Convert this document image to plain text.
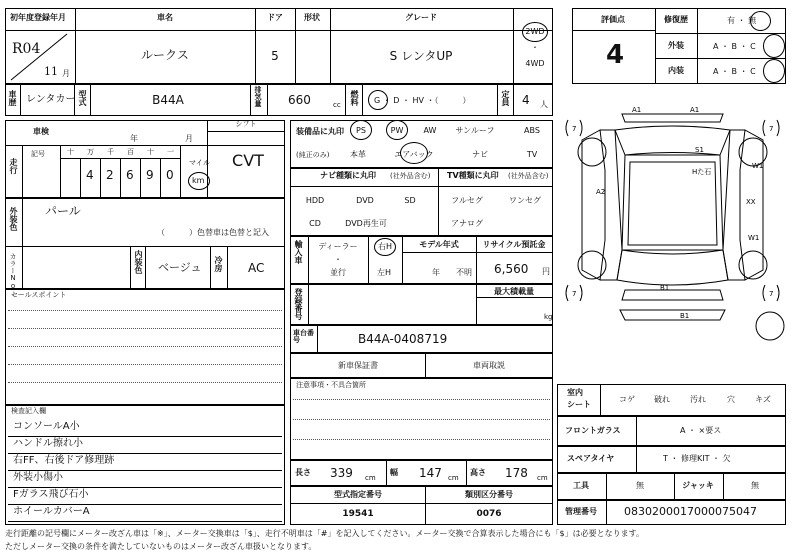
初年度登録年月
R04
11 月
車名
ルークス
ドア
5
形状	グレード
S レンタUP
2WD
・
4WD
車歴 レンタカー 型式	B44A	排気量 660	cc 燃料 G ・ D ・ HV ・（　　　）	定員 4 人
評価点
4
修復歴	有 ・ 無
外装	A ・ B ・ C
内装	A ・ B ・ C
車検
年	月
シフト
CVT
走行
記号	十 万 千 百 十 一
4 2 6 9 0
マイル
km
装備品に丸印
(純正のみ)
PS	PW	AW サンルーフ	ABS
本革	エアバック	ナビ	TV
外装色 パール
（　　　）色替車は色替と記入
カラーNo.	内装色 ベージュ 冷房 AC
ナビ種類に丸印 (社外品含む) TV種類に丸印 (社外品含む)
HDD	DVD	SD
CD	DVD再生可
フルセグ	ワンセグ
アナログ
輸入車 ディーラー
・
並行
右H
左H
モデル年式
年 不明
リサイクル預託金
6,560 円
登録番号	最大積載量
kg
車台番号	B44A-0408719
新車保証書	車両取説
注意事項・不具合箇所
セールスポイント
検査記入欄
コンソールA小
ハンドル擦れ小
右FF、右後ドア修理跡
外装小傷小
Fガラス飛び石小
ホイールカバーA
長さ 339 cm
幅 147 cm
高さ 178 cm
型式指定番号
19541
類別区分番号
0076
室内
シート
コゲ 破れ	汚れ	穴	キズ
フロントガラス	A ・ ×要ス
スペアタイヤ	T ・ 修理KIT ・ 欠
工具	無	ジャッキ	無
管理番号 0830200017000075047
A1	A1
S1
W1
A2
Hた石
XX
W1
B1
B1
7	7
7	7
走行距離の記号欄にメーター改ざん車は「※」、メーター交換車は「$」、走行不明車は「#」を記入してください。メーター交換で合算表示した場合にも「$」は必要となります。
ただしメーター交換の条件を満たしていないものはメーター改ざん車扱いとなります。
